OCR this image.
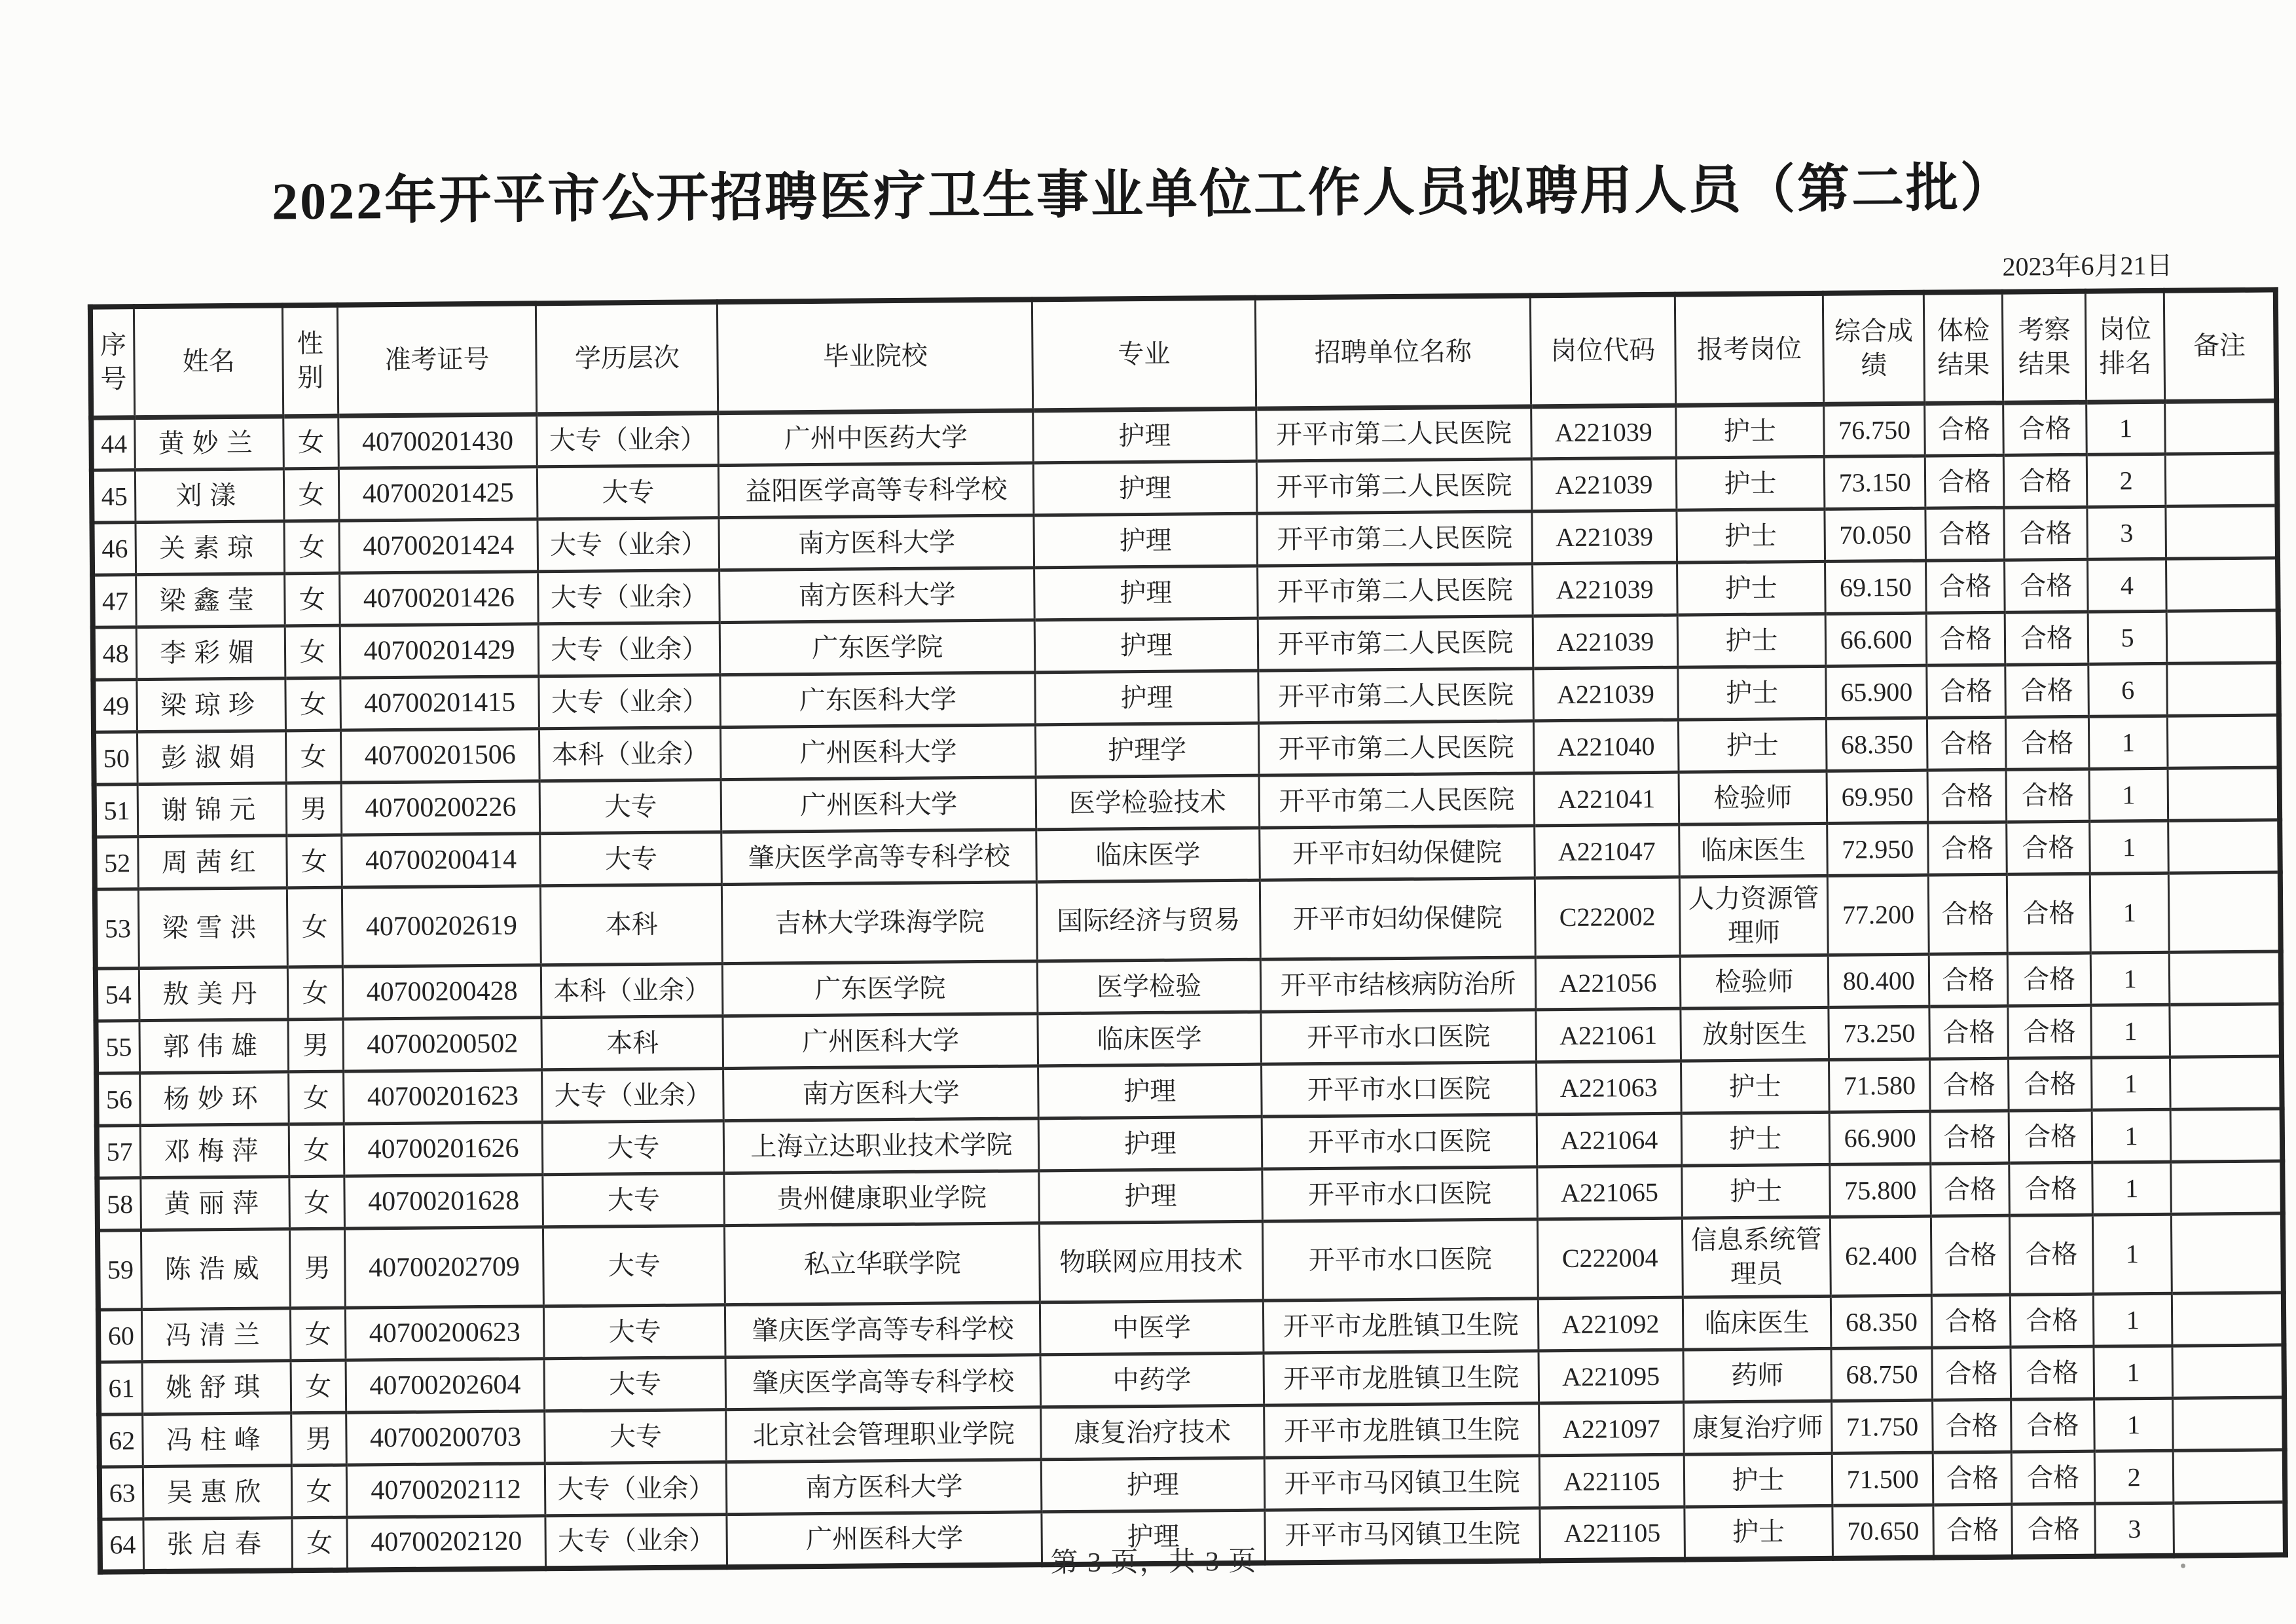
2022年开平市公开招聘医疗卫生事业单位工作人员拟聘用人员（第二批）
2023年6月21日
序号	姓名	性别	准考证号	学历层次	毕业院校	专业	招聘单位名称	岗位代码	报考岗位	综合成绩	体检结果	考察结果	岗位排名	备注
44	黄妙兰	女	40700201430	大专（业余）	广州中医药大学	护理	开平市第二人民医院	A221039	护士	76.750	合格	合格	1	
45	刘漾	女	40700201425	大专	益阳医学高等专科学校	护理	开平市第二人民医院	A221039	护士	73.150	合格	合格	2	
46	关素琼	女	40700201424	大专（业余）	南方医科大学	护理	开平市第二人民医院	A221039	护士	70.050	合格	合格	3	
47	梁鑫莹	女	40700201426	大专（业余）	南方医科大学	护理	开平市第二人民医院	A221039	护士	69.150	合格	合格	4	
48	李彩媚	女	40700201429	大专（业余）	广东医学院	护理	开平市第二人民医院	A221039	护士	66.600	合格	合格	5	
49	梁琼珍	女	40700201415	大专（业余）	广东医科大学	护理	开平市第二人民医院	A221039	护士	65.900	合格	合格	6	
50	彭淑娟	女	40700201506	本科（业余）	广州医科大学	护理学	开平市第二人民医院	A221040	护士	68.350	合格	合格	1	
51	谢锦元	男	40700200226	大专	广州医科大学	医学检验技术	开平市第二人民医院	A221041	检验师	69.950	合格	合格	1	
52	周茜红	女	40700200414	大专	肇庆医学高等专科学校	临床医学	开平市妇幼保健院	A221047	临床医生	72.950	合格	合格	1	
53	梁雪洪	女	40700202619	本科	吉林大学珠海学院	国际经济与贸易	开平市妇幼保健院	C222002	人力资源管理师	77.200	合格	合格	1	
54	敖美丹	女	40700200428	本科（业余）	广东医学院	医学检验	开平市结核病防治所	A221056	检验师	80.400	合格	合格	1	
55	郭伟雄	男	40700200502	本科	广州医科大学	临床医学	开平市水口医院	A221061	放射医生	73.250	合格	合格	1	
56	杨妙环	女	40700201623	大专（业余）	南方医科大学	护理	开平市水口医院	A221063	护士	71.580	合格	合格	1	
57	邓梅萍	女	40700201626	大专	上海立达职业技术学院	护理	开平市水口医院	A221064	护士	66.900	合格	合格	1	
58	黄丽萍	女	40700201628	大专	贵州健康职业学院	护理	开平市水口医院	A221065	护士	75.800	合格	合格	1	
59	陈浩威	男	40700202709	大专	私立华联学院	物联网应用技术	开平市水口医院	C222004	信息系统管理员	62.400	合格	合格	1	
60	冯清兰	女	40700200623	大专	肇庆医学高等专科学校	中医学	开平市龙胜镇卫生院	A221092	临床医生	68.350	合格	合格	1	
61	姚舒琪	女	40700202604	大专	肇庆医学高等专科学校	中药学	开平市龙胜镇卫生院	A221095	药师	68.750	合格	合格	1	
62	冯柱峰	男	40700200703	大专	北京社会管理职业学院	康复治疗技术	开平市龙胜镇卫生院	A221097	康复治疗师	71.750	合格	合格	1	
63	吴惠欣	女	40700202112	大专（业余）	南方医科大学	护理	开平市马冈镇卫生院	A221105	护士	71.500	合格	合格	2	
64	张启春	女	40700202120	大专（业余）	广州医科大学	护理	开平市马冈镇卫生院	A221105	护士	70.650	合格	合格	3	
第 3 页，共 3 页
